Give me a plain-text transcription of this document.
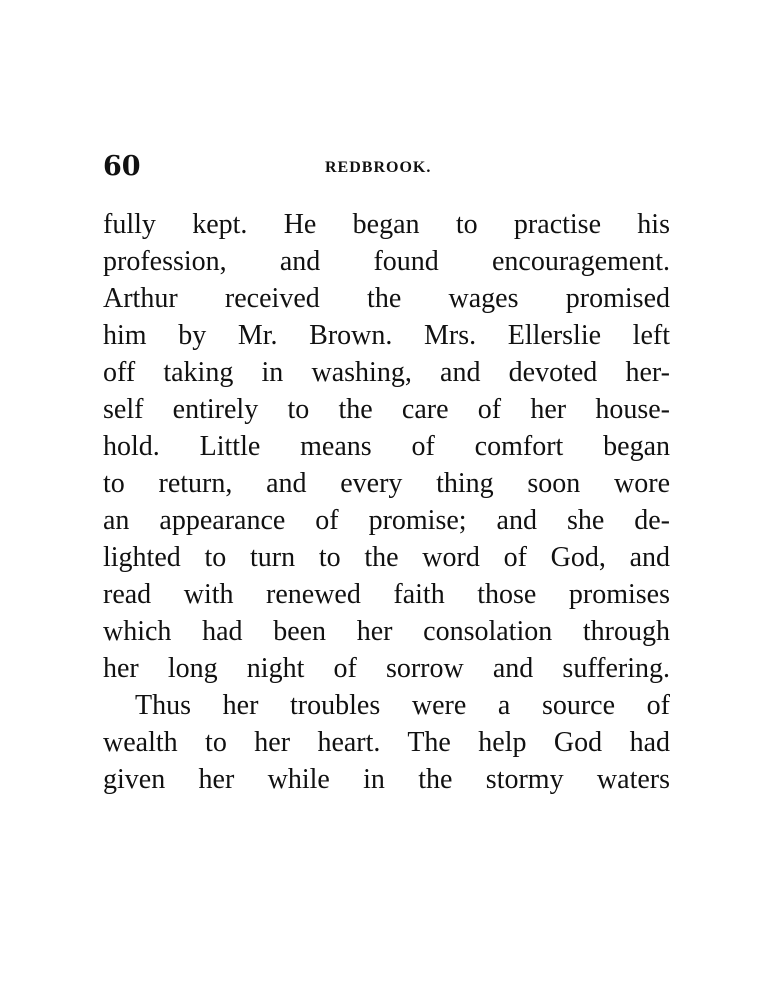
60	REDBROOK.
fully kept. He began to practise his
profession, and found encouragement.
Arthur received the wages promised
him by Mr. Brown. Mrs. Ellerslie left
off taking in washing, and devoted her-
self entirely to the care of her house-
hold. Little means of comfort began
to return, and every thing soon wore
an appearance of promise; and she de-
lighted to turn to the word of God, and
read with renewed faith those promises
which had been her consolation through
her long night of sorrow and suffering.
Thus her troubles were a source of
wealth to her heart. The help God had
given her while in the stormy waters
